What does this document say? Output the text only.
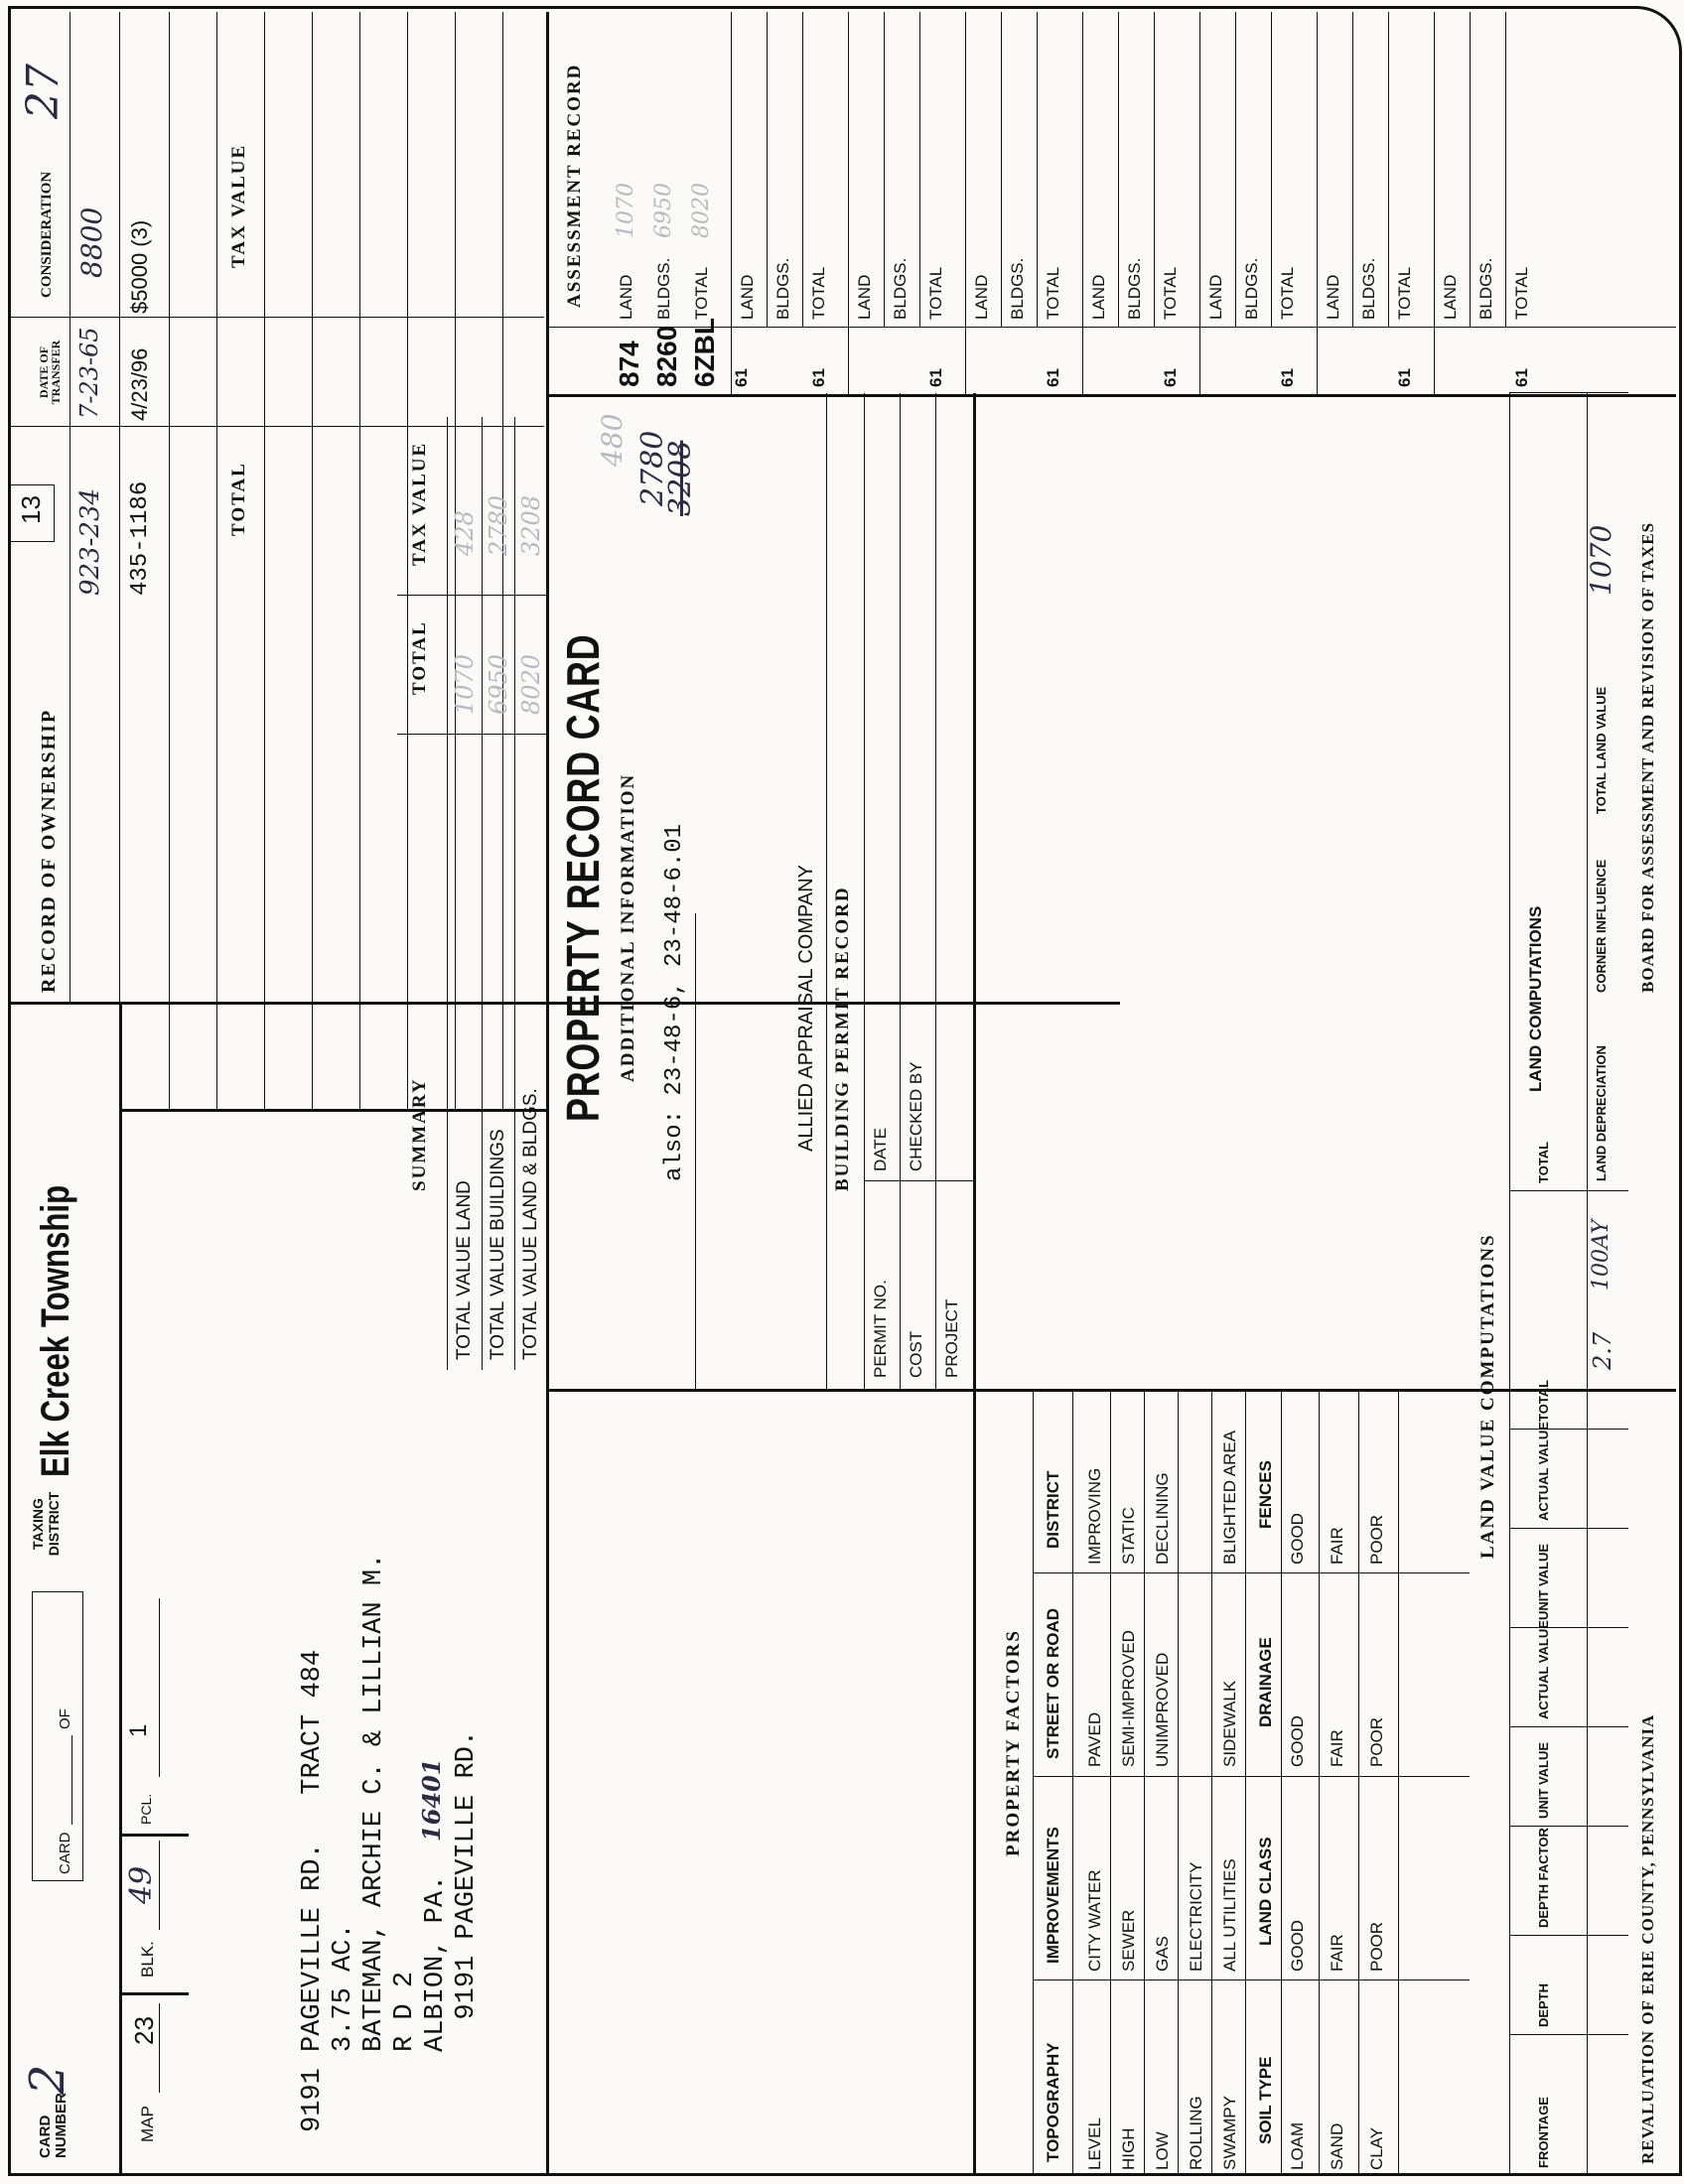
CARD NUMBER
2
MAP
23
BLK.
49
PCL.
1
CARD
OF
TAXING DISTRICT
Elk Creek Township
13
27
9191 PAGEVILLE RD.   TRACT 484 3.75 AC. BATEMAN, ARCHIE C. & LILLIAN M. R D 2 ALBION, PA. 9191 PAGEVILLE RD.
16401
RECORD OF OWNERSHIP
DATE OF TRANSFER
CONSIDERATION
923-234 435-1186
7-23-65 4/23/96
8800 $5000 (3)
SUMMARY
TOTAL
TAX VALUE
TOTAL VALUE LAND TOTAL VALUE BUILDINGS TOTAL VALUE LAND & BLDGS.
1070 6950 8020
428 2780 3208
PROPERTY RECORD CARD ADDITIONAL INFORMATION also: 23-48-6, 23-48-6.01	ALLIED APPRAISAL COMPANY BUILDING PERMIT RECORD
PERMIT NO. COST PROJECT
DATE CHECKED BY
480 2780
3208
874 8260 6ZBL
ASSESSMENT RECORD
TOTAL
TAX VALUE
LAND BLDGS. TOTAL
61
1070 6950 8020
LAND BLDGS. TOTAL
61
LAND BLDGS. TOTAL
61
LAND BLDGS. TOTAL
61
LAND BLDGS. TOTAL
61
LAND BLDGS. TOTAL
61
LAND BLDGS. TOTAL
61
LAND BLDGS. TOTAL
61
PROPERTY FACTORS
TOPOGRAPHY
IMPROVEMENTS
STREET OR ROAD
DISTRICT
LEVEL
CITY WATER
PAVED
IMPROVING
HIGH
SEWER
SEMI-IMPROVED
STATIC
LOW
GAS
UNIMPROVED
DECLINING
ROLLING
ELECTRICITY
SWAMPY
ALL UTILITIES
SIDEWALK
BLIGHTED AREA
SOIL TYPE
LAND CLASS
DRAINAGE
FENCES
LOAM
GOOD
GOOD
GOOD
SAND
FAIR
FAIR
FAIR
CLAY
POOR
POOR
POOR	LAND VALUE COMPUTATIONS
FRONTAGE
DEPTH
DEPTH FACTOR
UNIT VALUE
ACTUAL VALUE
UNIT VALUE
ACTUAL VALUE
TOTAL
TOTAL
LAND COMPUTATIONS
LAND DEPRECIATION
CORNER INFLUENCE
TOTAL LAND VALUE
1070
2.7
100AY
REVALUATION OF ERIE COUNTY, PENNSYLVANIA
BOARD FOR ASSESSMENT AND REVISION OF TAXES
